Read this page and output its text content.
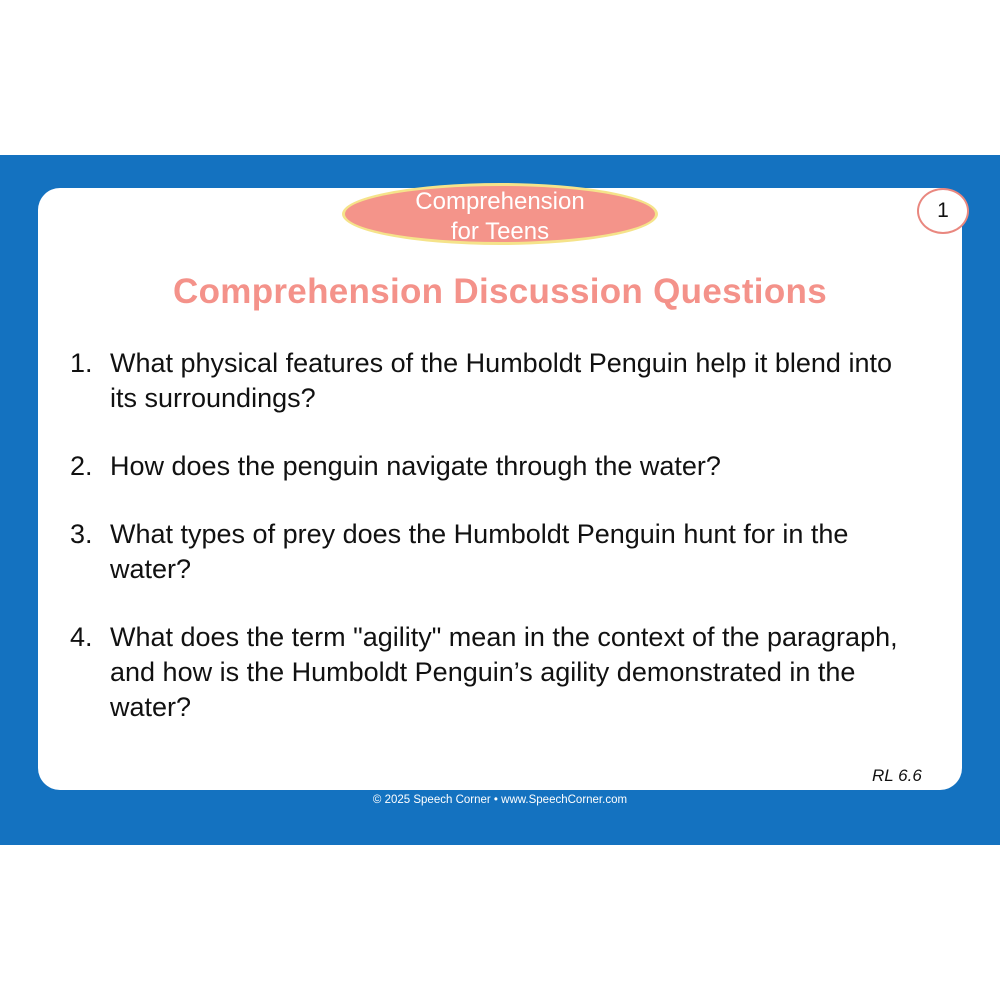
Comprehension
for Teens
1
Comprehension Discussion Questions
1. What physical features of the Humboldt Penguin help it blend into its surroundings?
2. How does the penguin navigate through the water?
3. What types of prey does the Humboldt Penguin hunt for in the water?
4. What does the term "agility" mean in the context of the paragraph, and how is the Humboldt Penguin’s agility demonstrated in the water?
RL 6.6
© 2025 Speech Corner • www.SpeechCorner.com
